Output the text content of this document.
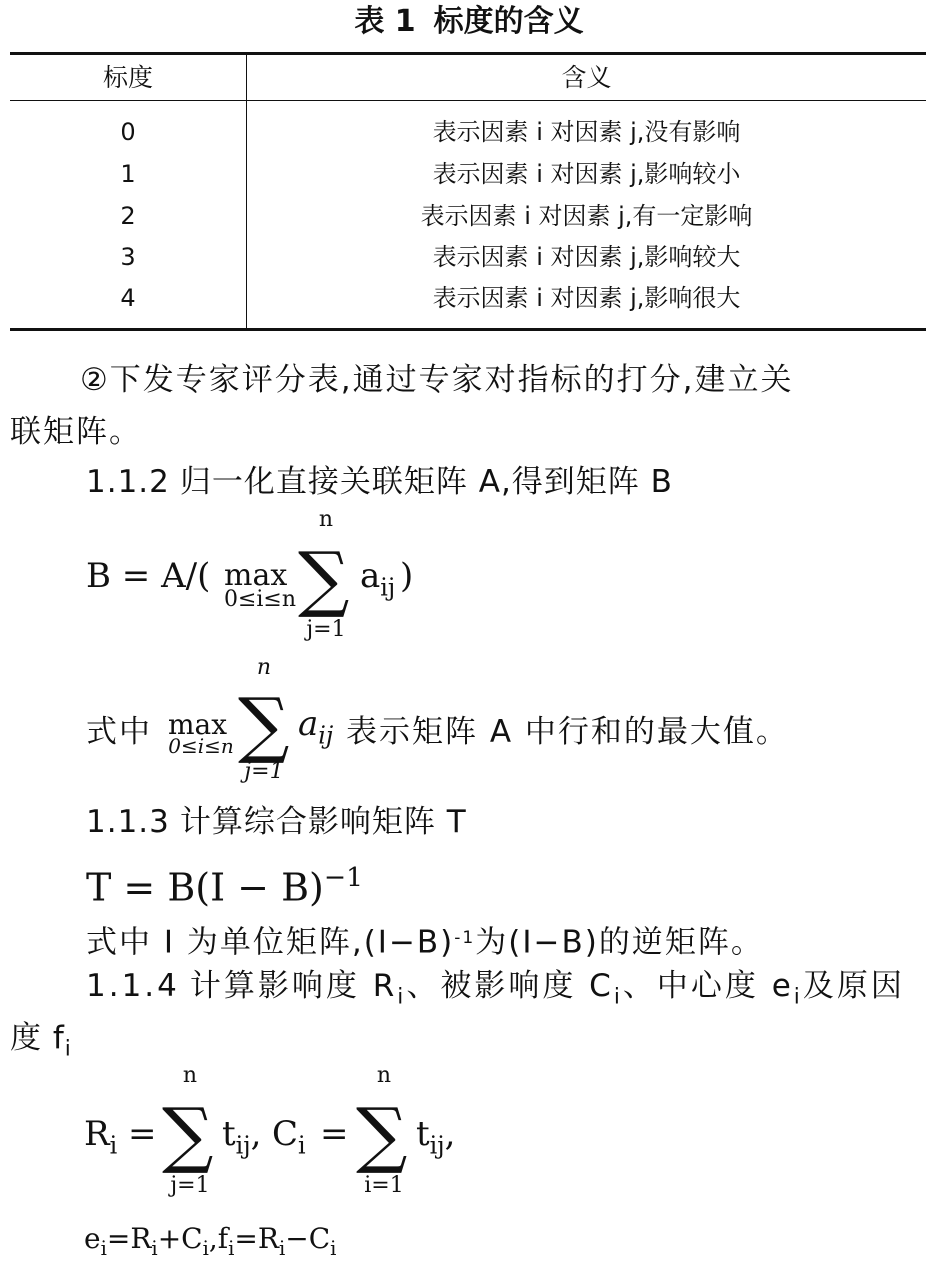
表 1 标度的含义
标度	含义
0	表示因素 i 对因素 j,没有影响
1	表示因素 i 对因素 j,影响较小
2	表示因素 i 对因素 j,有一定影响
3	表示因素 i 对因素 j,影响较大
4	表示因素 i 对因素 j,影响很大
②下发专家评分表,通过专家对指标的打分,建立关
联矩阵。
1.1.2 归一化直接关联矩阵 A,得到矩阵 B
B = A/( max
0≤i≤n
n
∑
j=1
$a_{ij}$ )
式中 max
0≤i≤n
n
∑
j=1
$a_{ij}$ 表示矩阵 A 中行和的最大值。
1.1.3 计算综合影响矩阵 T
$T = B(I - B)^{-1}$
式中 I 为单位矩阵$,(I-B)^{-1}$为(I−B)的逆矩阵。
1.1.4 计算影响度 $R_i$、被影响度 $C_i$、中心度 $e_i$及原因
度 $f_i$
$R_i$ =
n
∑
j=1
$t_{ij}$, $C_i$ =
n
∑
i=1
$t_{ij}$,
$e_i=R_i+C_i,f_i=R_i-C_i$
